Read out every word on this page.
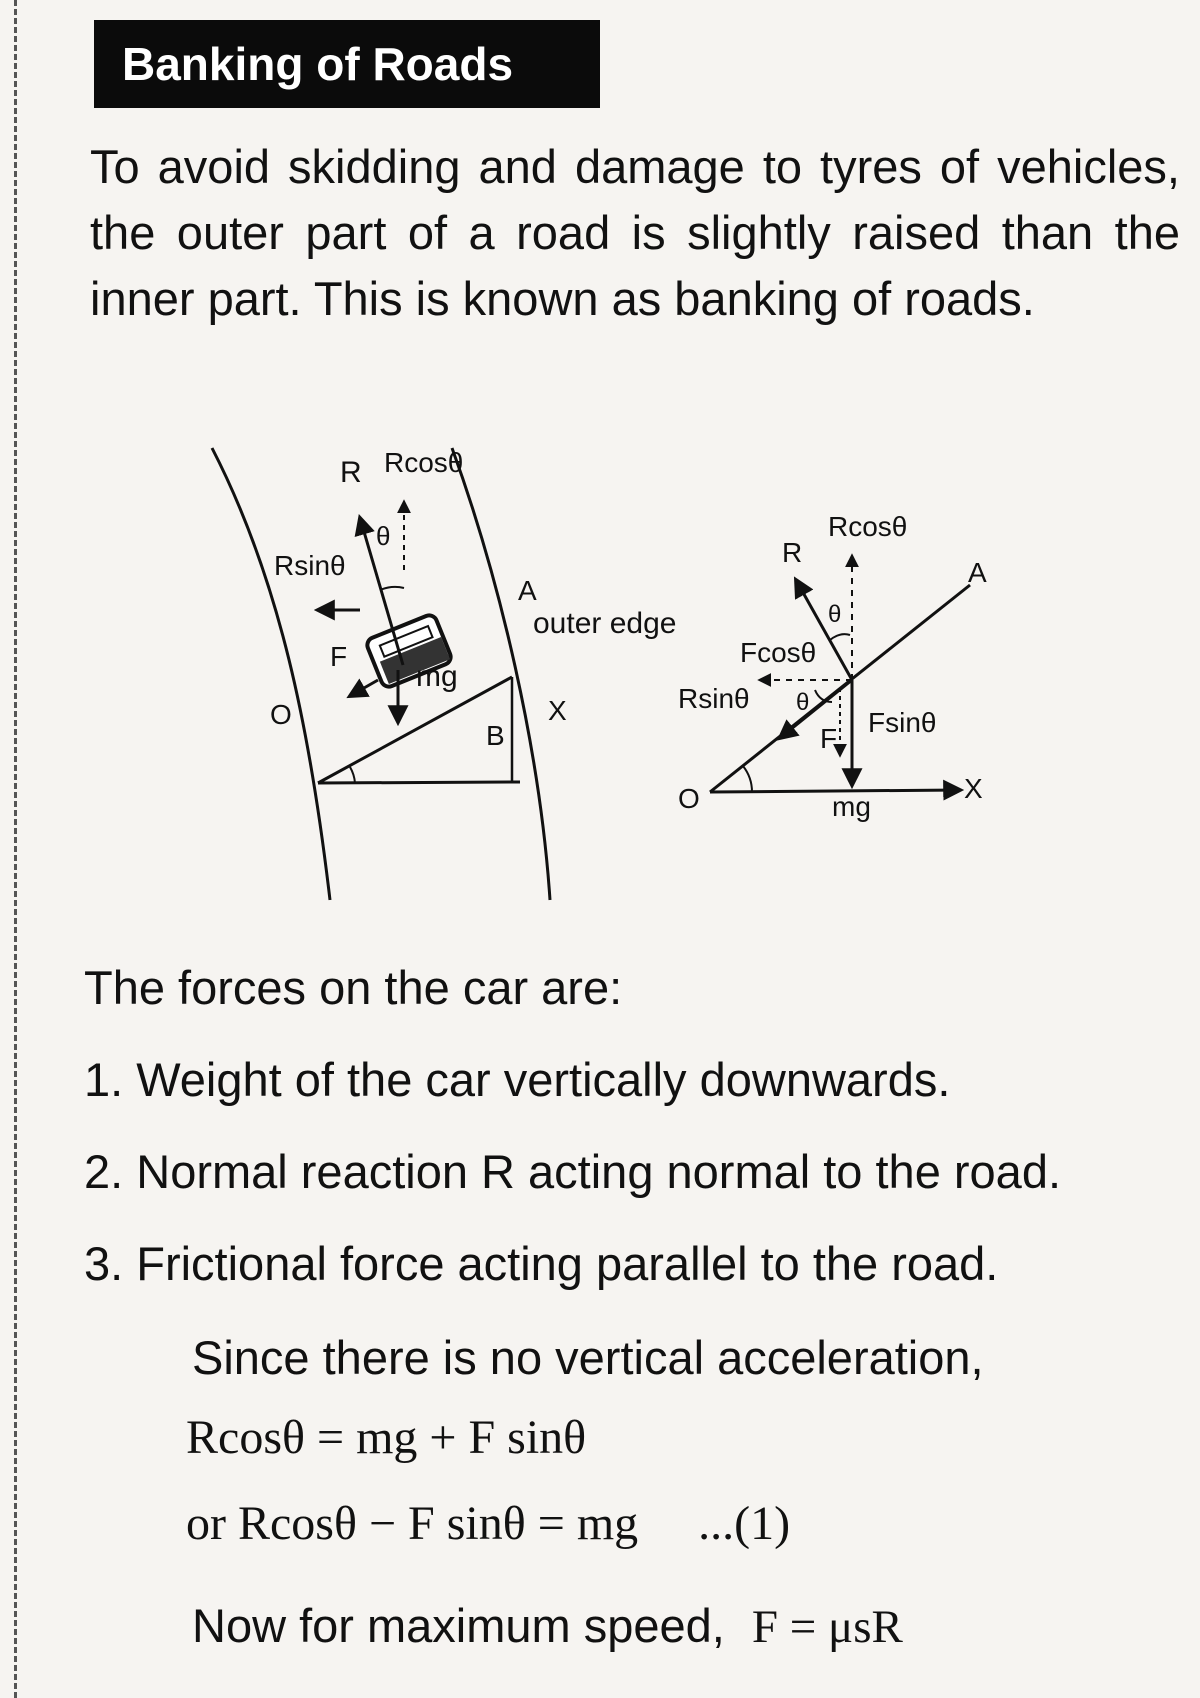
Banking of Roads

To avoid skidding and damage to tyres of vehicles, the outer part of a road is slightly raised than the inner part. This is known as banking of roads.

R Rcosθ
θ
Rsinθ
F
mg
O
A
B
X
outer edge
R
Rcosθ
A
θ
Fcosθ
Rsinθ θ
F
Fsinθ
O	mg
X

The forces on the car are:

1. Weight of the car vertically downwards.
2. Normal reaction R acting normal to the road.
3. Frictional force acting parallel to the road.

Since there is no vertical acceleration,

Rcosθ = mg + F sinθ
or Rcosθ − F sinθ = mg ...(1)
Now for maximum speed, F = μsR
